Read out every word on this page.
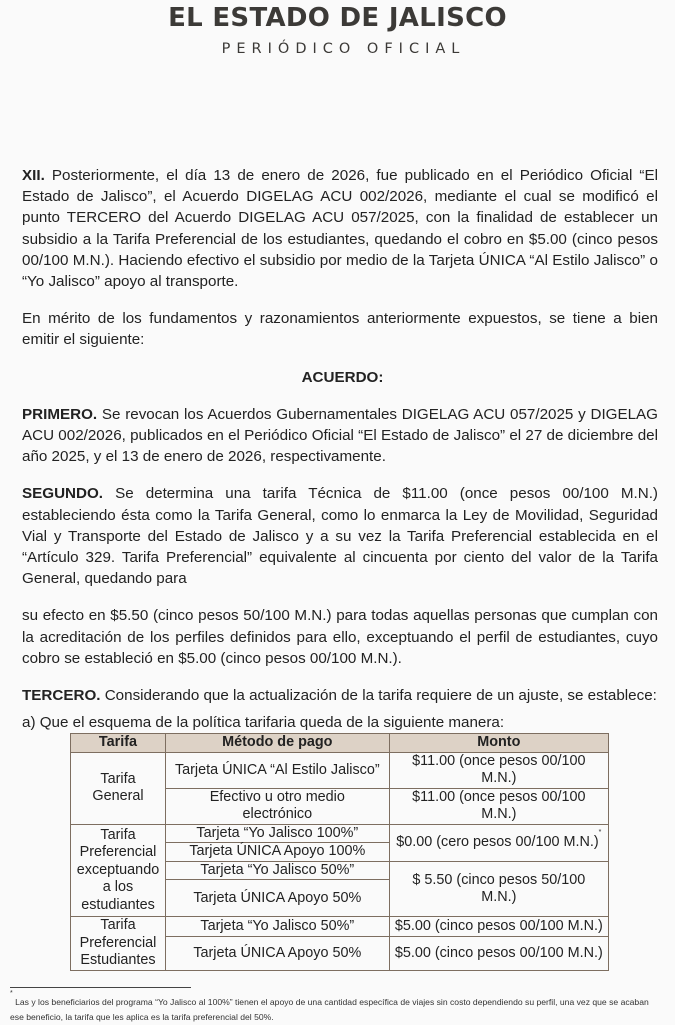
EL ESTADO DE JALISCO
PERIÓDICO OFICIAL

XII. Posteriormente, el día 13 de enero de 2026, fue publicado en el Periódico Oficial “El Estado de Jalisco”, el Acuerdo DIGELAG ACU 002/2026, mediante el cual se modificó el punto TERCERO del Acuerdo DIGELAG ACU 057/2025, con la finalidad de establecer un subsidio a la Tarifa Preferencial de los estudiantes, quedando el cobro en $5.00 (cinco pesos 00/100 M.N.). Haciendo efectivo el subsidio por medio de la Tarjeta ÚNICA “Al Estilo Jalisco” o “Yo Jalisco” apoyo al transporte.

En mérito de los fundamentos y razonamientos anteriormente expuestos, se tiene a bien emitir el siguiente:

ACUERDO:

PRIMERO. Se revocan los Acuerdos Gubernamentales DIGELAG ACU 057/2025 y DIGELAG ACU 002/2026, publicados en el Periódico Oficial “El Estado de Jalisco” el 27 de diciembre del año 2025, y el 13 de enero de 2026, respectivamente.

SEGUNDO. Se determina una tarifa Técnica de $11.00 (once pesos 00/100 M.N.) estableciendo ésta como la Tarifa General, como lo enmarca la Ley de Movilidad, Seguridad Vial y Transporte del Estado de Jalisco y a su vez la Tarifa Preferencial establecida en el “Artículo 329. Tarifa Preferencial” equivalente al cincuenta por ciento del valor de la Tarifa General, quedando para

su efecto en $5.50 (cinco pesos 50/100 M.N.) para todas aquellas personas que cumplan con la acreditación de los perfiles definidos para ello, exceptuando el perfil de estudiantes, cuyo cobro se estableció en $5.00 (cinco pesos 00/100 M.N.).

TERCERO. Considerando que la actualización de la tarifa requiere de un ajuste, se establece:

a) Que el esquema de la política tarifaria queda de la siguiente manera:

Tarifa	Método de pago	Monto
Tarifa General	Tarjeta ÚNICA “Al Estilo Jalisco”	$11.00 (once pesos 00/100 M.N.)
	Efectivo u otro medio electrónico	$11.00 (once pesos 00/100 M.N.)
Tarifa Preferencial exceptuando a los estudiantes	Tarjeta “Yo Jalisco 100%”	$0.00 (cero pesos 00/100 M.N.)*
	Tarjeta ÚNICA Apoyo 100%	
	Tarjeta “Yo Jalisco 50%”	$ 5.50 (cinco pesos 50/100 M.N.)
	Tarjeta ÚNICA Apoyo 50%	
Tarifa Preferencial Estudiantes	Tarjeta “Yo Jalisco 50%”	$5.00 (cinco pesos 00/100 M.N.)
	Tarjeta ÚNICA Apoyo 50%	$5.00 (cinco pesos 00/100 M.N.)
* Las y los beneficiarios del programa “Yo Jalisco al 100%” tienen el apoyo de una cantidad específica de viajes sin costo dependiendo su perfil, una vez que se acaban ese beneficio, la tarifa que les aplica es la tarifa preferencial del 50%.
